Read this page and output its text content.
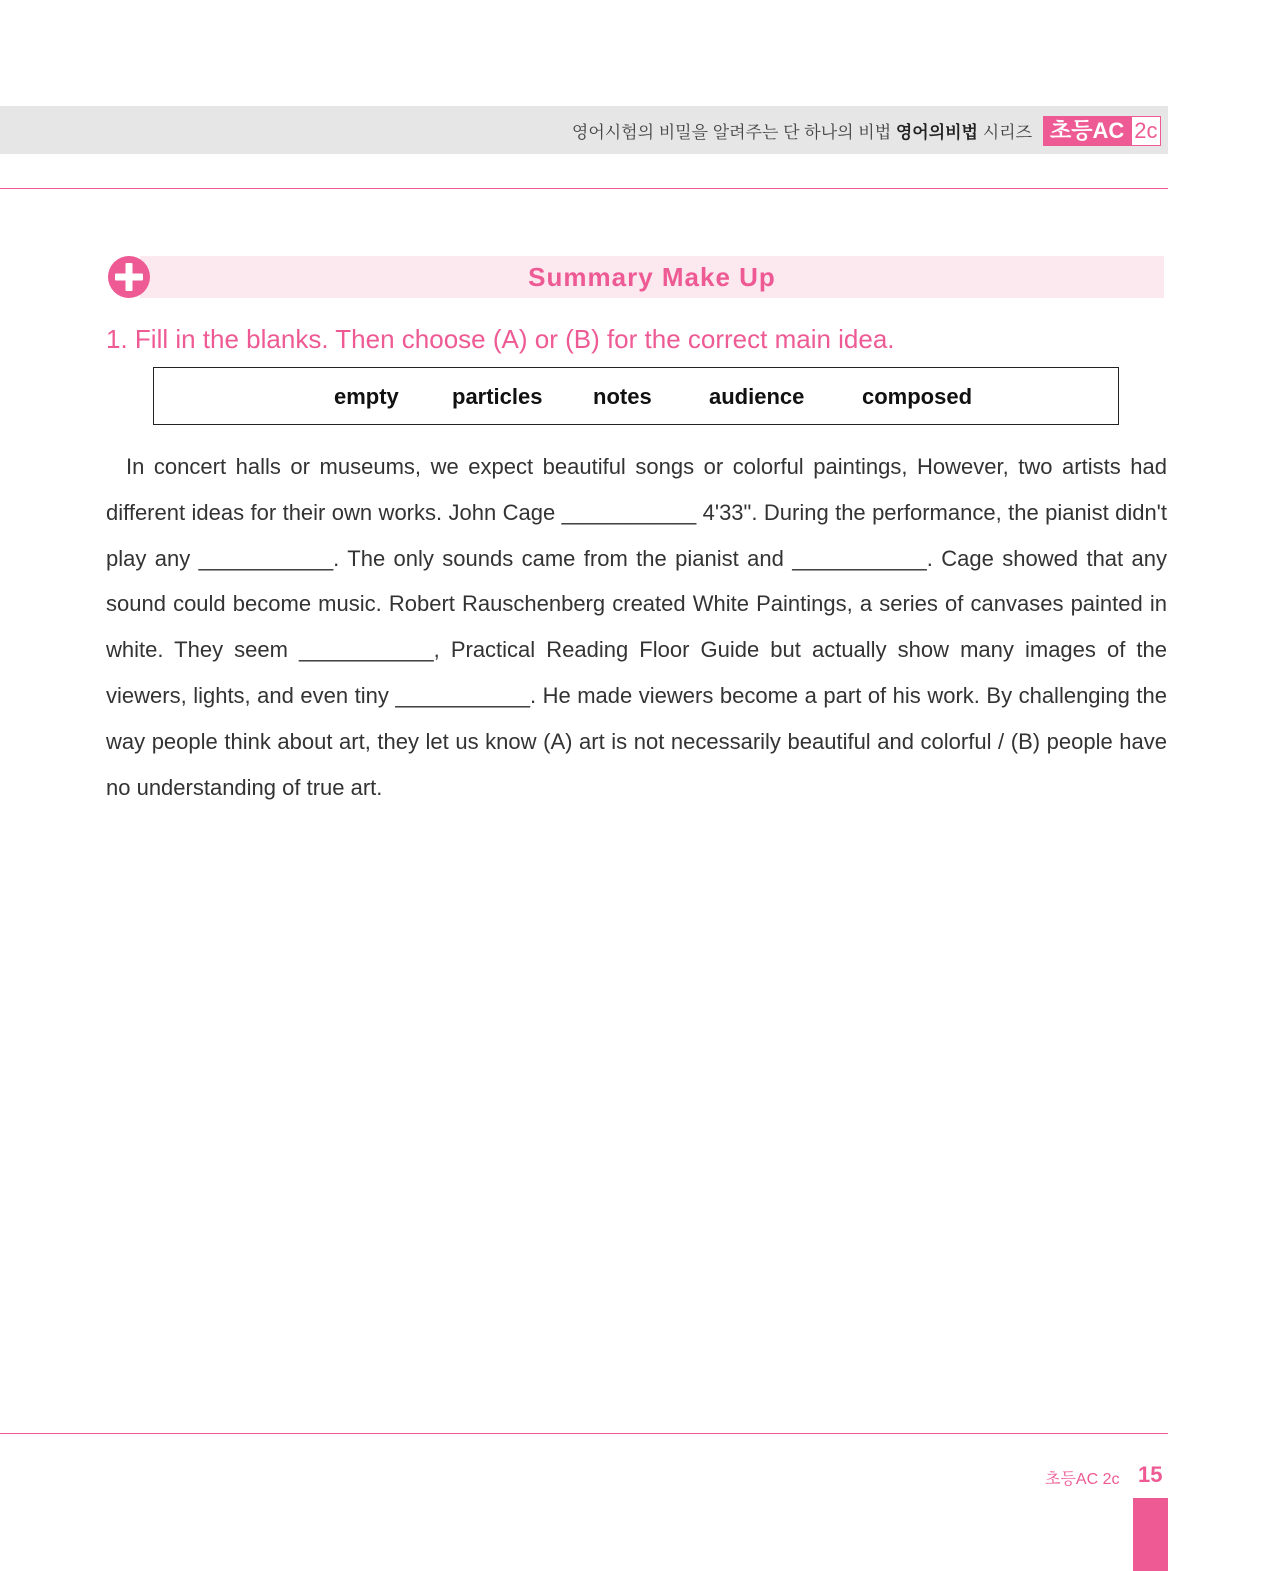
영어시험의 비밀을 알려주는 단 하나의 비법 영어의비법 시리즈 초등AC 2c
Summary Make Up
1. Fill in the blanks. Then choose (A) or (B) for the correct main idea.
empty particles notes	audience	composed

In concert halls or museums, we expect beautiful songs or colorful paintings, However, two artists had different ideas for their own works. John Cage ___________ 4'33". During the performance, the pianist didn't play any ___________. The only sounds came from the pianist and ___________. Cage showed that any sound could become music. Robert Rauschenberg created White Paintings, a series of canvases painted in white. They seem ___________, Practical Reading Floor Guide but actually show many images of the viewers, lights, and even tiny ___________. He made viewers become a part of his work. By challenging the way people think about art, they let us know (A) art is not necessarily beautiful and colorful / (B) people have no understanding of true art.

초등AC 2c 15
